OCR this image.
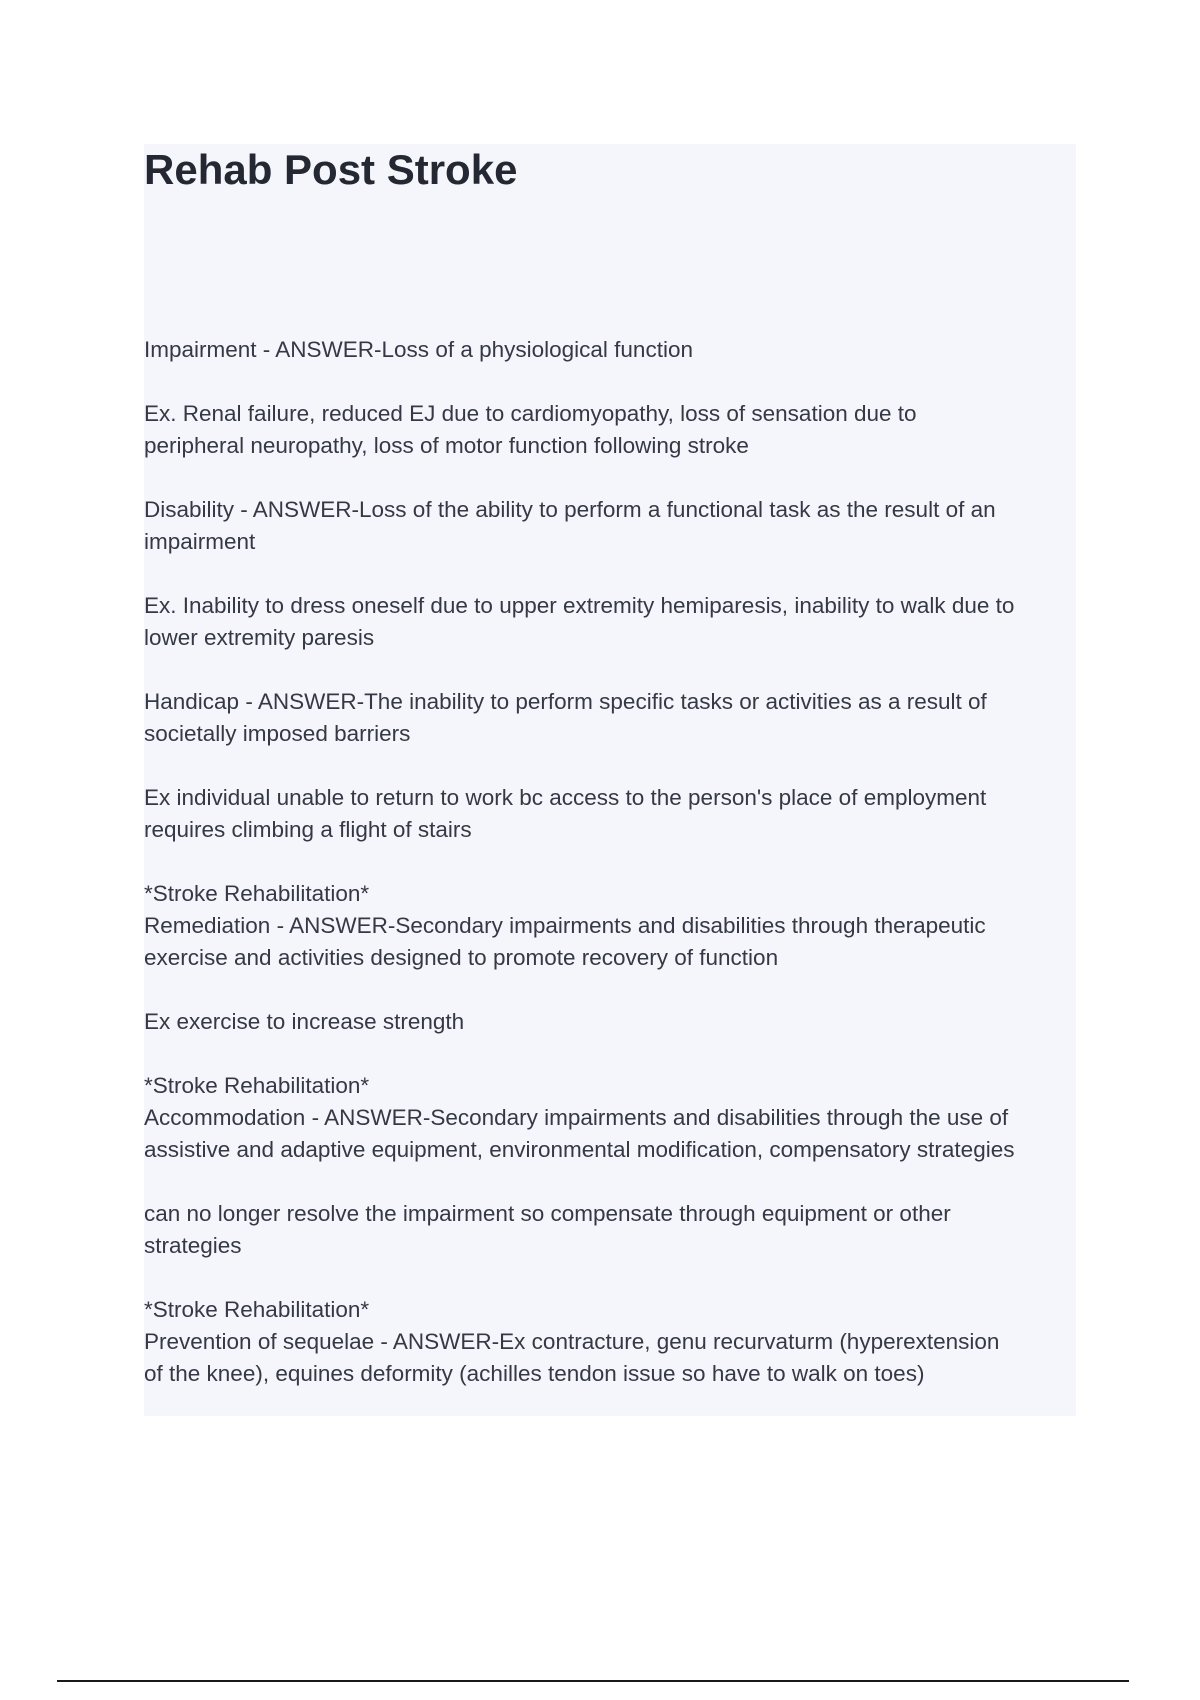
Rehab Post Stroke

Impairment - ANSWER-Loss of a physiological function

Ex. Renal failure, reduced EJ due to cardiomyopathy, loss of sensation due to
peripheral neuropathy, loss of motor function following stroke

Disability - ANSWER-Loss of the ability to perform a functional task as the result of an
impairment

Ex. Inability to dress oneself due to upper extremity hemiparesis, inability to walk due to
lower extremity paresis

Handicap - ANSWER-The inability to perform specific tasks or activities as a result of
societally imposed barriers

Ex individual unable to return to work bc access to the person's place of employment
requires climbing a flight of stairs

*Stroke Rehabilitation*
Remediation - ANSWER-Secondary impairments and disabilities through therapeutic
exercise and activities designed to promote recovery of function

Ex exercise to increase strength

*Stroke Rehabilitation*
Accommodation - ANSWER-Secondary impairments and disabilities through the use of
assistive and adaptive equipment, environmental modification, compensatory strategies

can no longer resolve the impairment so compensate through equipment or other
strategies

*Stroke Rehabilitation*
Prevention of sequelae - ANSWER-Ex contracture, genu recurvaturm (hyperextension
of the knee), equines deformity (achilles tendon issue so have to walk on toes)
